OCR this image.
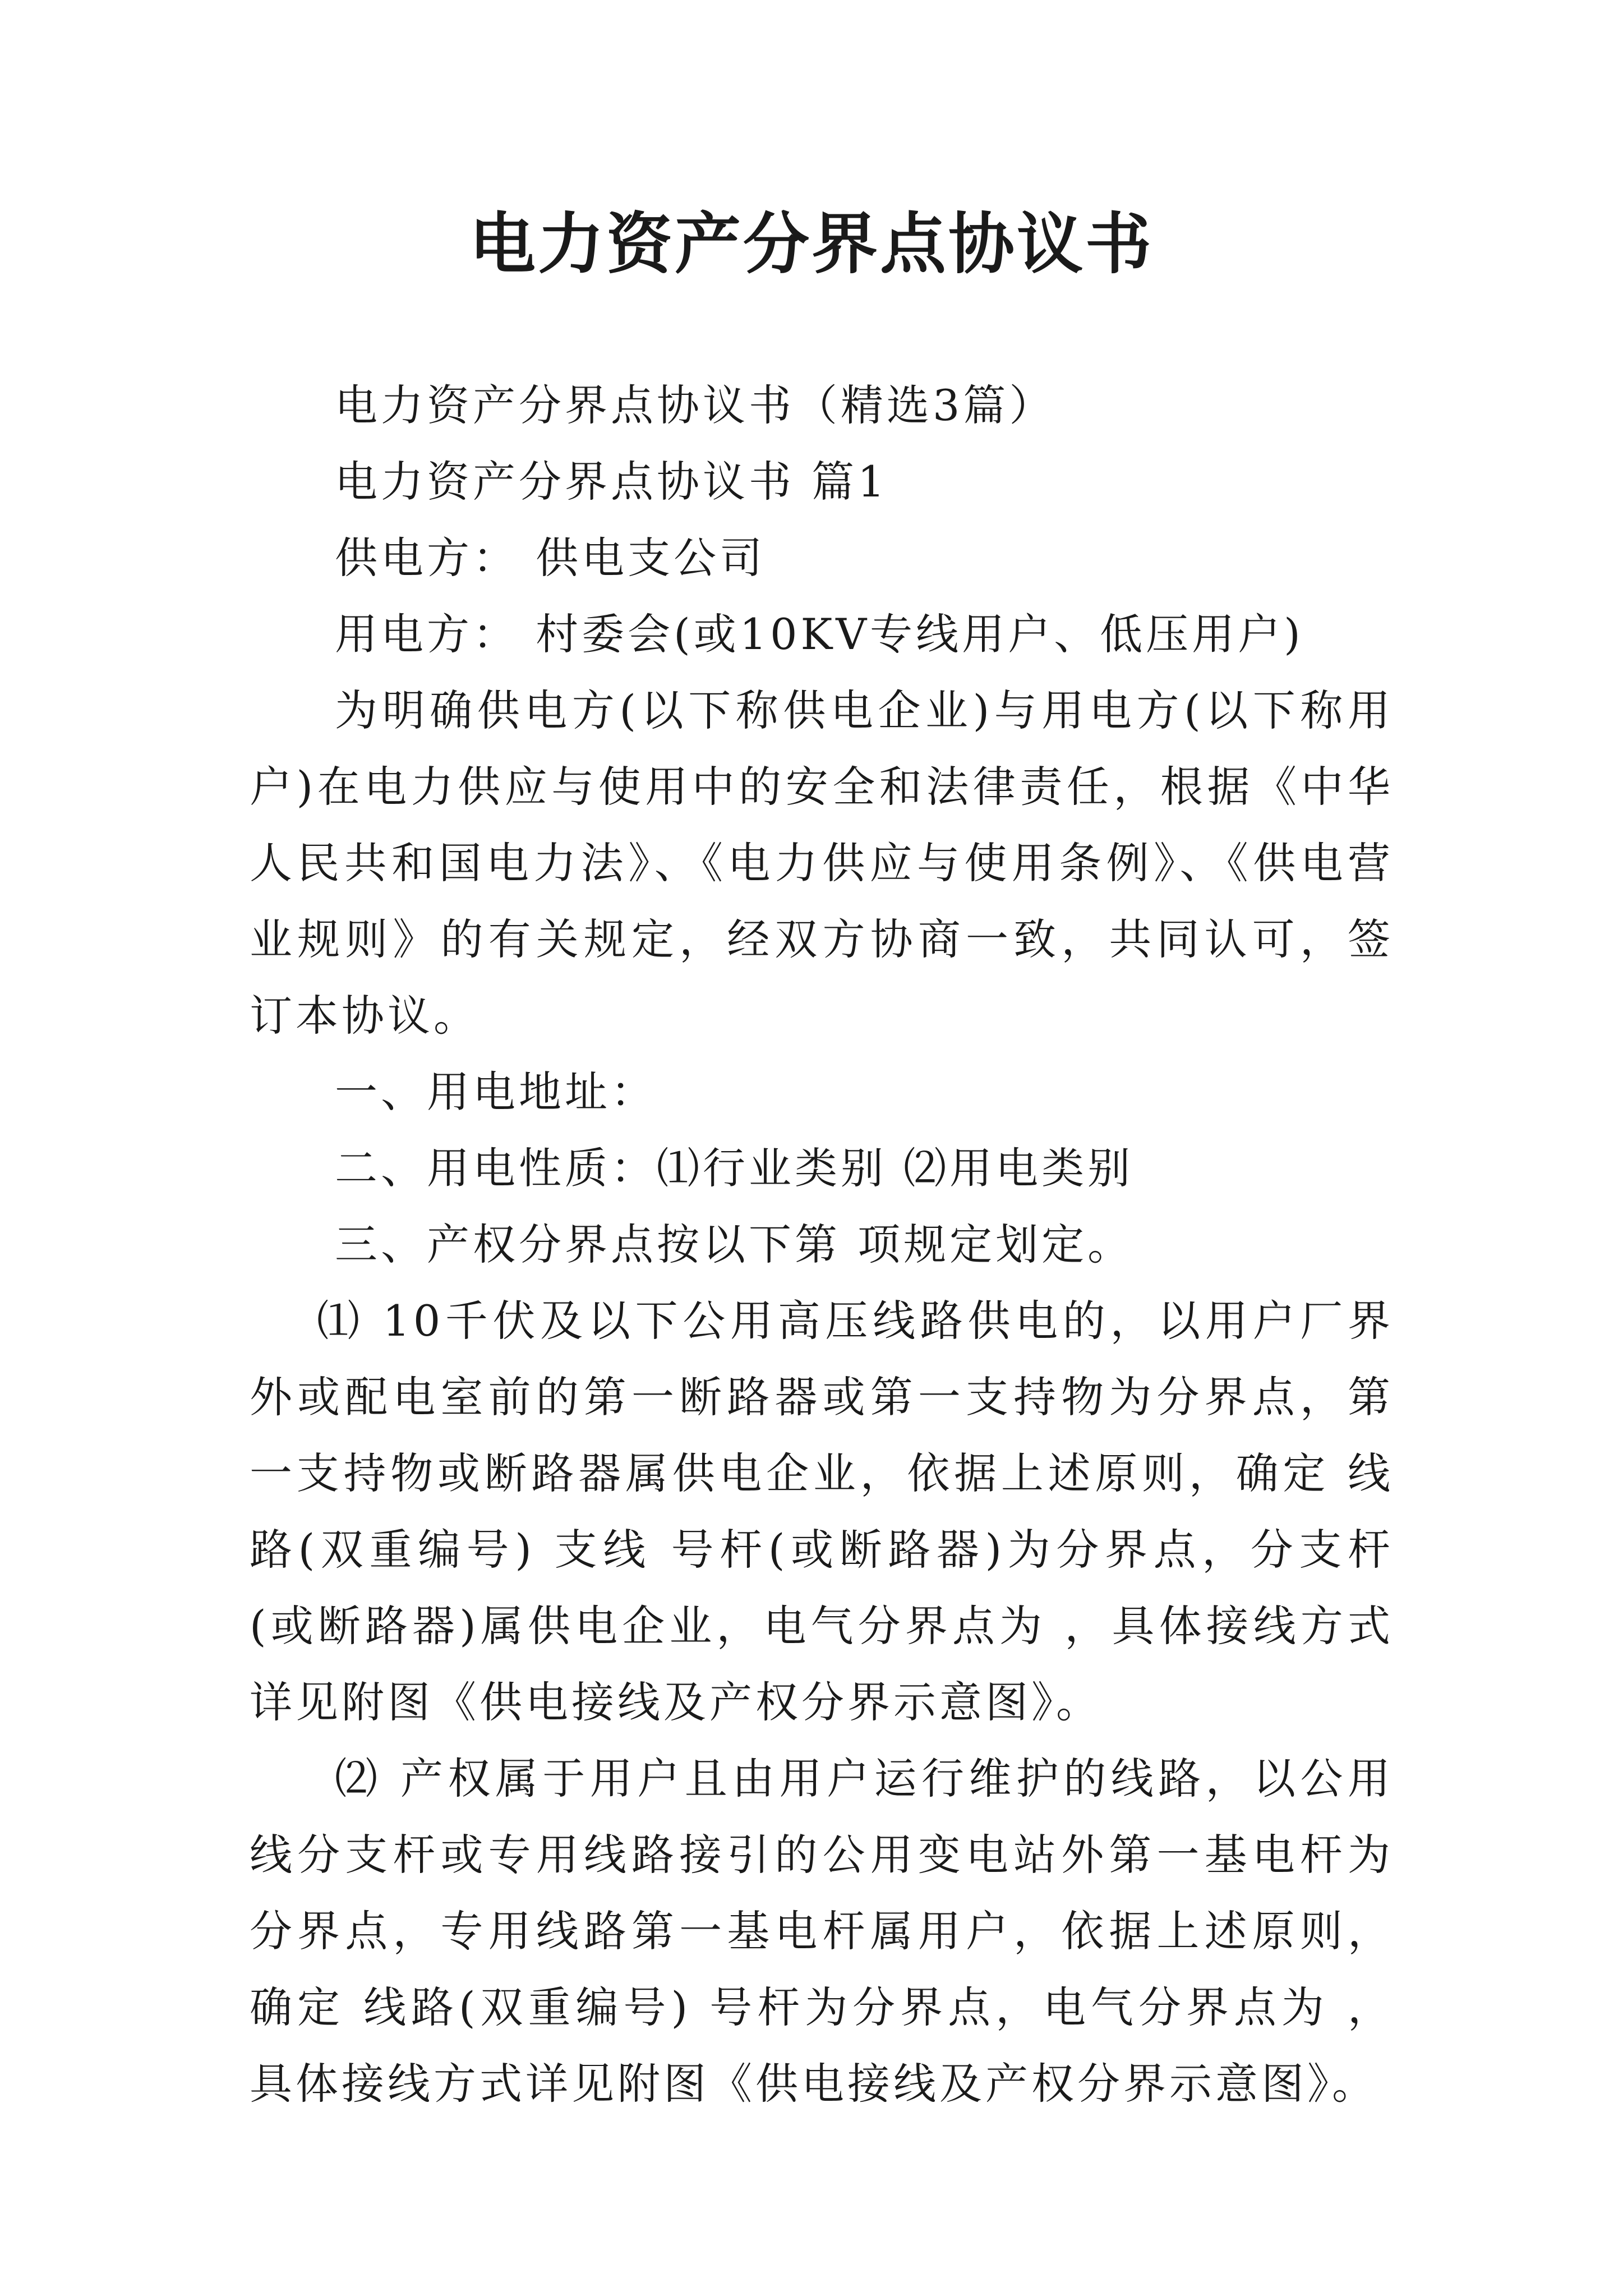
电力资产分界点协议书

电力资产分界点协议书（精选3篇）

电力资产分界点协议书 篇1

供电方： 供电支公司

用电方： 村委会(或10KV专线用户、低压用户)

为明确供电方(以下称供电企业)与用电方(以下称用户)在电力供应与使用中的安全和法律责任，根据《中华人民共和国电力法》、《电力供应与使用条例》、《供电营业规则》的有关规定，经双方协商一致，共同认可，签订本协议。

一、用电地址：

二、用电性质：⑴行业类别 ⑵用电类别

三、产权分界点按以下第 项规定划定。

⑴ 10千伏及以下公用高压线路供电的，以用户厂界外或配电室前的第一断路器或第一支持物为分界点，第一支持物或断路器属供电企业，依据上述原则，确定 线路(双重编号) 支线 号杆(或断路器)为分界点，分支杆(或断路器)属供电企业，电气分界点为 ，具体接线方式详见附图《供电接线及产权分界示意图》。

⑵ 产权属于用户且由用户运行维护的线路，以公用线分支杆或专用线路接引的公用变电站外第一基电杆为分界点，专用线路第一基电杆属用户，依据上述原则，确定 线路(双重编号) 号杆为分界点，电气分界点为 ，具体接线方式详见附图《供电接线及产权分界示意图》。
